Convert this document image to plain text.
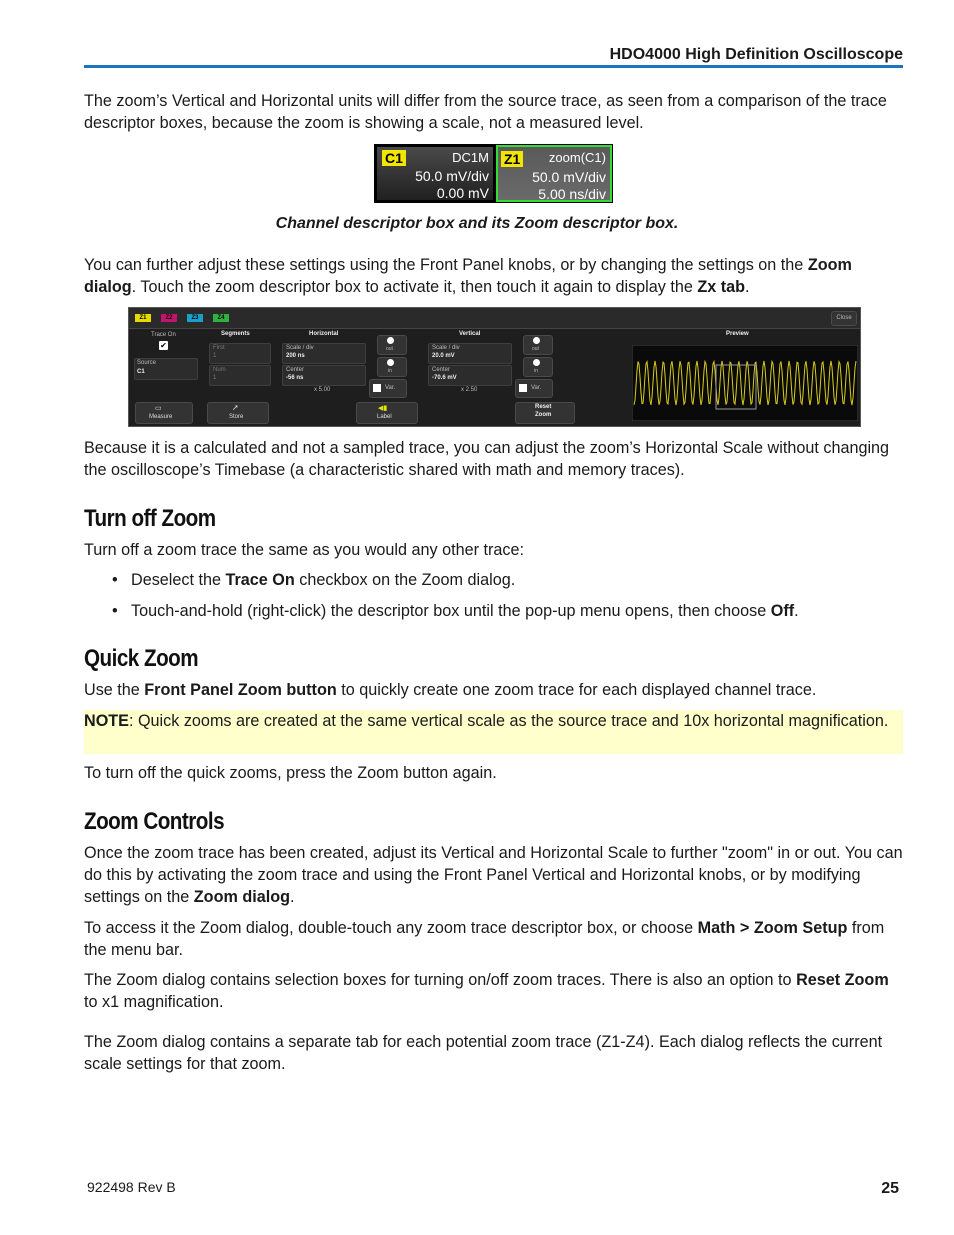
HDO4000 High Definition Oscilloscope
The zoom’s Vertical and Horizontal units will differ from the source trace, as seen from a comparison of the trace descriptor boxes, because the zoom is showing a scale, not a measured level.
C1	DC1M
50.0 mV/div
0.00 mV
Z1 zoom(C1)
50.0 mV/div
5.00 ns/div
Channel descriptor box and its Zoom descriptor box.
You can further adjust these settings using the Front Panel knobs, or by changing the settings on the Zoom dialog. Touch the zoom descriptor box to activate it, then touch it again to display the Zx tab.
Z1	Z2	Z3	Z4	Close
Trace On
✔
Source
C1
Segments
First
1
Num
1
Horizontal
Scale / div
200 ns
Center
-56 ns
x 5.00
out
in
Var.
Vertical
Scale / div
20.0 mV
Center
-70.6 mV
x 2.50
out
in
Var.
Preview
▭
Measure
➚
Store
◀▮
Label
Reset
Zoom
Because it is a calculated and not a sampled trace, you can adjust the zoom’s Horizontal Scale without changing the oscilloscope’s Timebase (a characteristic shared with math and memory traces).
Turn off Zoom
Turn off a zoom trace the same as you would any other trace:
• Deselect the Trace On checkbox on the Zoom dialog.
• Touch-and-hold (right-click) the descriptor box until the pop-up menu opens, then choose Off.
Quick Zoom
Use the Front Panel Zoom button to quickly create one zoom trace for each displayed channel trace.
NOTE: Quick zooms are created at the same vertical scale as the source trace and 10x horizontal magnification.
To turn off the quick zooms, press the Zoom button again.
Zoom Controls
Once the zoom trace has been created, adjust its Vertical and Horizontal Scale to further "zoom" in or out. You can do this by activating the zoom trace and using the Front Panel Vertical and Horizontal knobs, or by modifying settings on the Zoom dialog.
To access it the Zoom dialog, double-touch any zoom trace descriptor box, or choose Math > Zoom Setup from the menu bar.
The Zoom dialog contains selection boxes for turning on/off zoom traces. There is also an option to Reset Zoom to x1 magnification.
The Zoom dialog contains a separate tab for each potential zoom trace (Z1-Z4). Each dialog reflects the current scale settings for that zoom.
922498 Rev B	25
